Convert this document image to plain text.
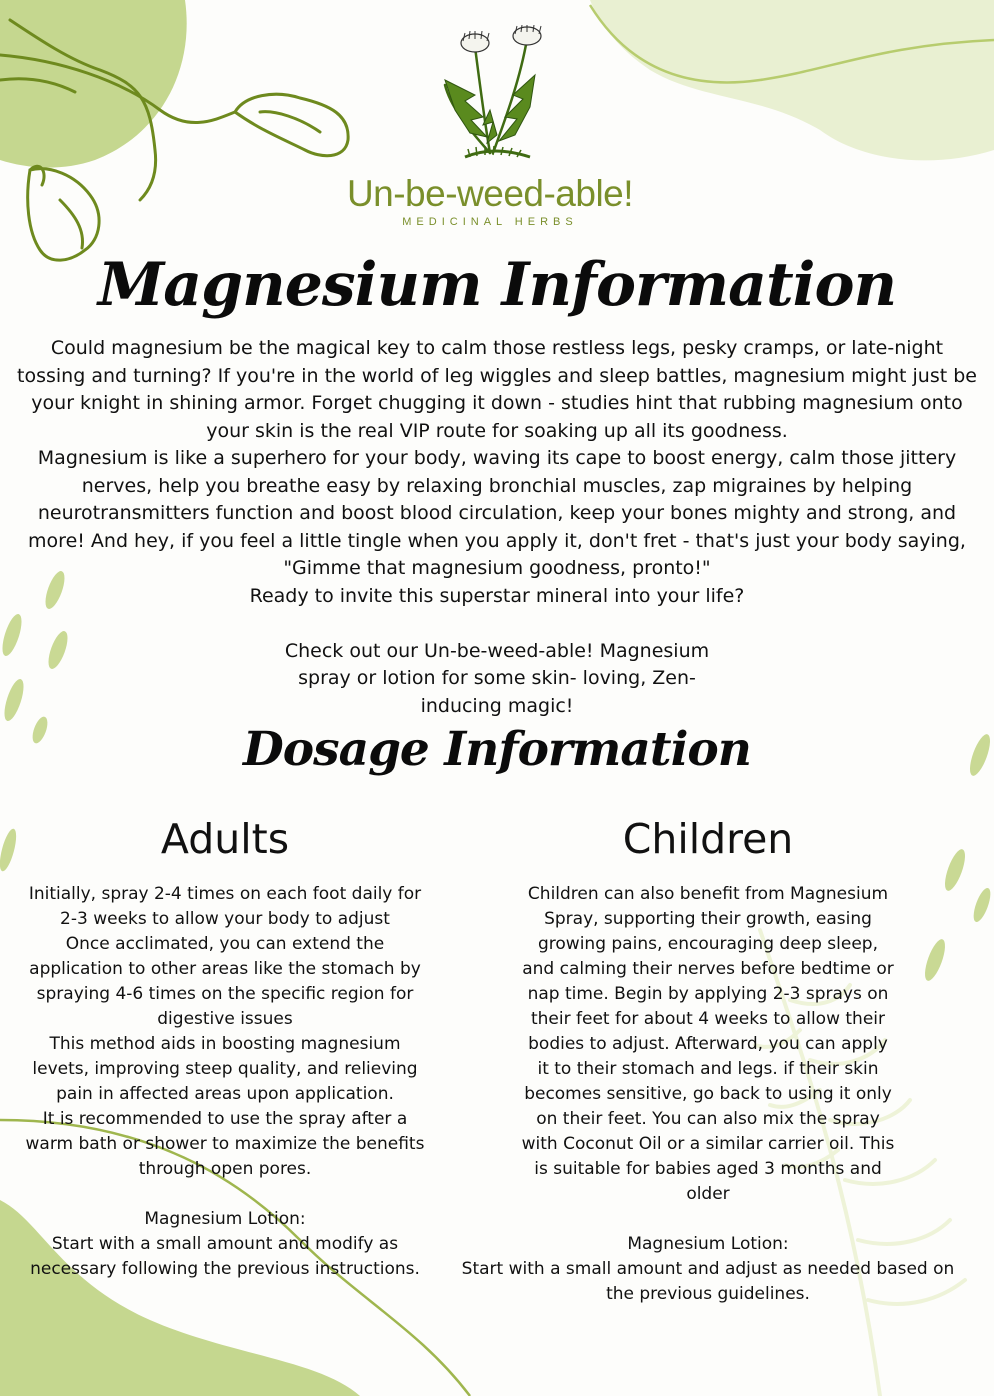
Un-be-weed-able!
MEDICINAL HERBS
Magnesium Information

Could magnesium be the magical key to calm those restless legs, pesky cramps, or late-night tossing and turning? If you're in the world of leg wiggles and sleep battles, magnesium might just be your knight in shining armor. Forget chugging it down - studies hint that rubbing magnesium onto your skin is the real VIP route for soaking up all its goodness.

Magnesium is like a superhero for your body, waving its cape to boost energy, calm those jittery nerves, help you breathe easy by relaxing bronchial muscles, zap migraines by helping neurotransmitters function and boost blood circulation, keep your bones mighty and strong, and more! And hey, if you feel a little tingle when you apply it, don't fret - that's just your body saying, "Gimme that magnesium goodness, pronto!"

Ready to invite this superstar mineral into your life?

Check out our Un-be-weed-able! Magnesium spray or lotion for some skin- loving, Zen-inducing magic!

Dosage Information
Adults

Initially, spray 2-4 times on each foot daily for 2-3 weeks to allow your body to adjust

Once acclimated, you can extend the application to other areas like the stomach by spraying 4-6 times on the specific region for digestive issues

This method aids in boosting magnesium levets, improving steep quality, and relieving pain in affected areas upon application.

It is recommended to use the spray after a warm bath or shower to maximize the benefits through open pores.

Magnesium Lotion:

Start with a small amount and modify as necessary following the previous instructions.

Children

Children can also benefit from Magnesium Spray, supporting their growth, easing growing pains, encouraging deep sleep, and calming their nerves before bedtime or nap time. Begin by applying 2-3 sprays on their feet for about 4 weeks to allow their bodies to adjust. Afterward, you can apply it to their stomach and legs. if their skin becomes sensitive, go back to using it only on their feet. You can also mix the spray with Coconut Oil or a similar carrier oil. This is suitable for babies aged 3 months and older

Magnesium Lotion:

Start with a small amount and adjust as needed based on the previous guidelines.
